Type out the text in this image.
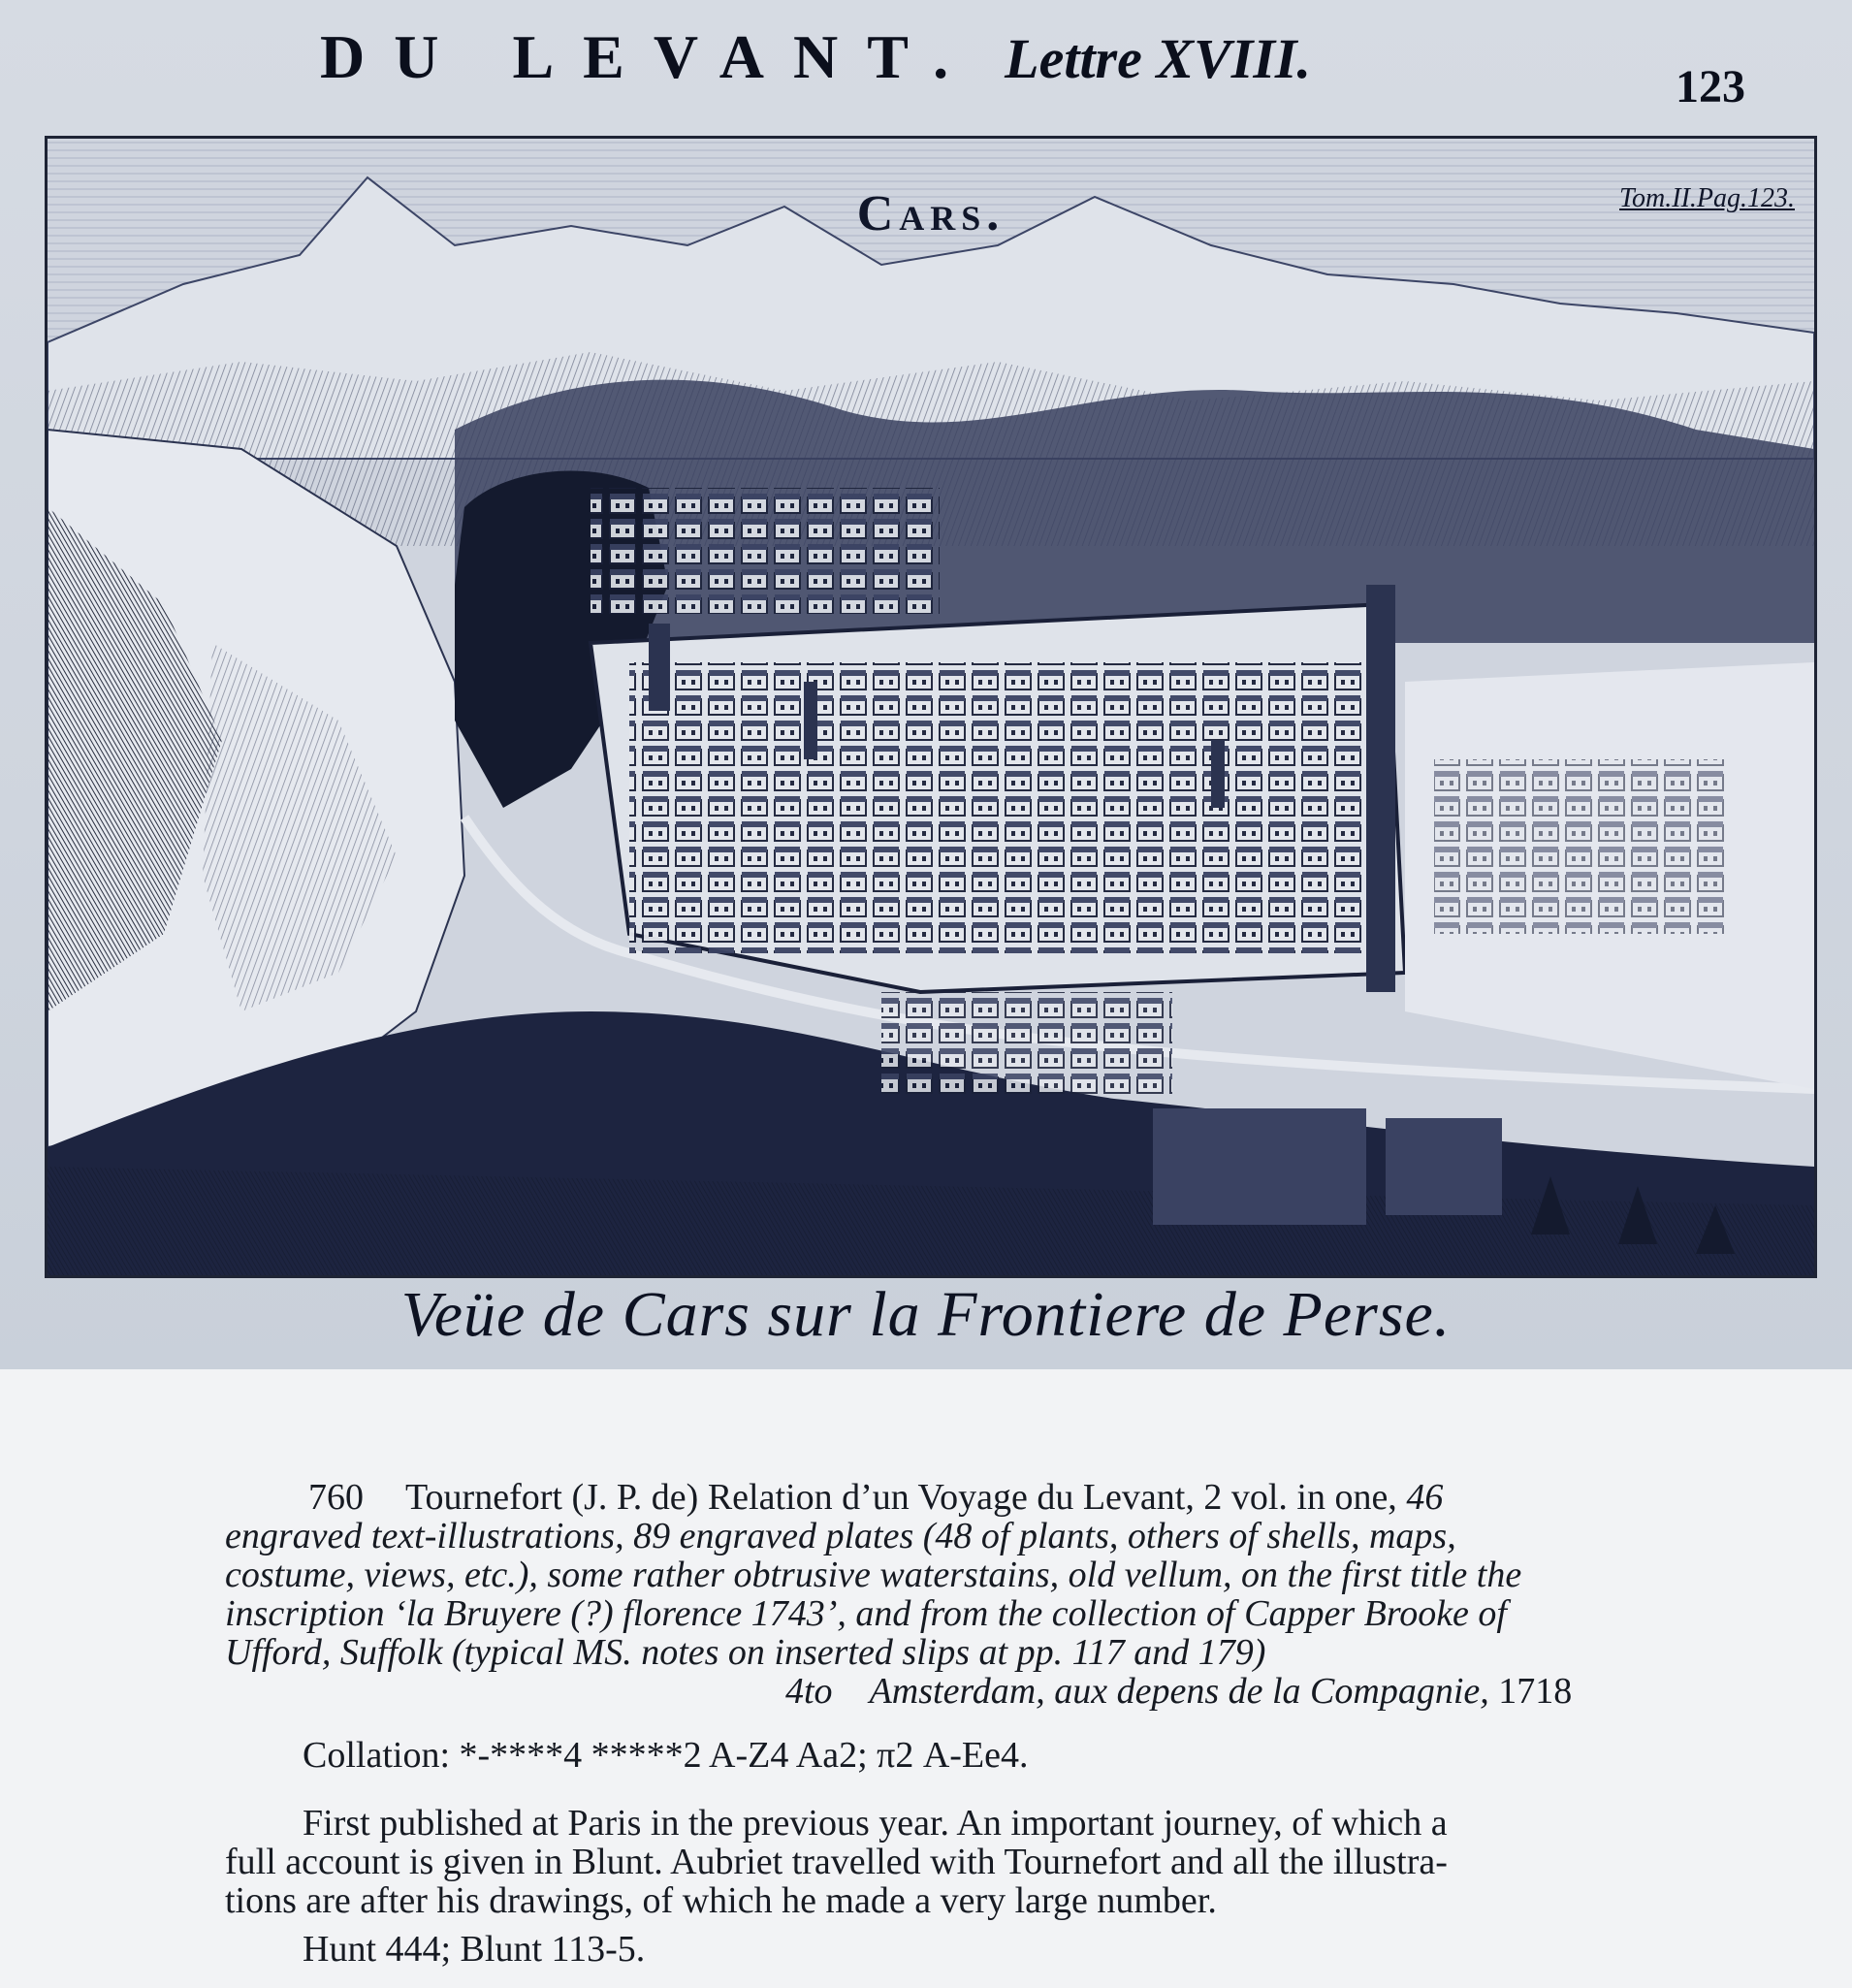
DU LEVANT. Lettre XVIII.	123
Cars.	Tom.II.Pag.123.
Veüe de Cars sur la Frontiere de Perse.
760 Tournefort (J. P. de) Relation d’un Voyage du Levant, 2 vol. in one, 46
engraved text-illustrations, 89 engraved plates (48 of plants, others of shells, maps,
costume, views, etc.), some rather obtrusive waterstains, old vellum, on the first title the
inscription ‘la Bruyere (?) florence 1743’, and from the collection of Capper Brooke of
Ufford, Suffolk (typical MS. notes on inserted slips at pp. 117 and 179)
4to Amsterdam, aux depens de la Compagnie, 1718
Collation: *-****4 *****2 A-Z4 Aa2; π2 A-Ee4.
First published at Paris in the previous year. An important journey, of which a
full account is given in Blunt. Aubriet travelled with Tournefort and all the illustra-
tions are after his drawings, of which he made a very large number.
Hunt 444; Blunt 113-5.
